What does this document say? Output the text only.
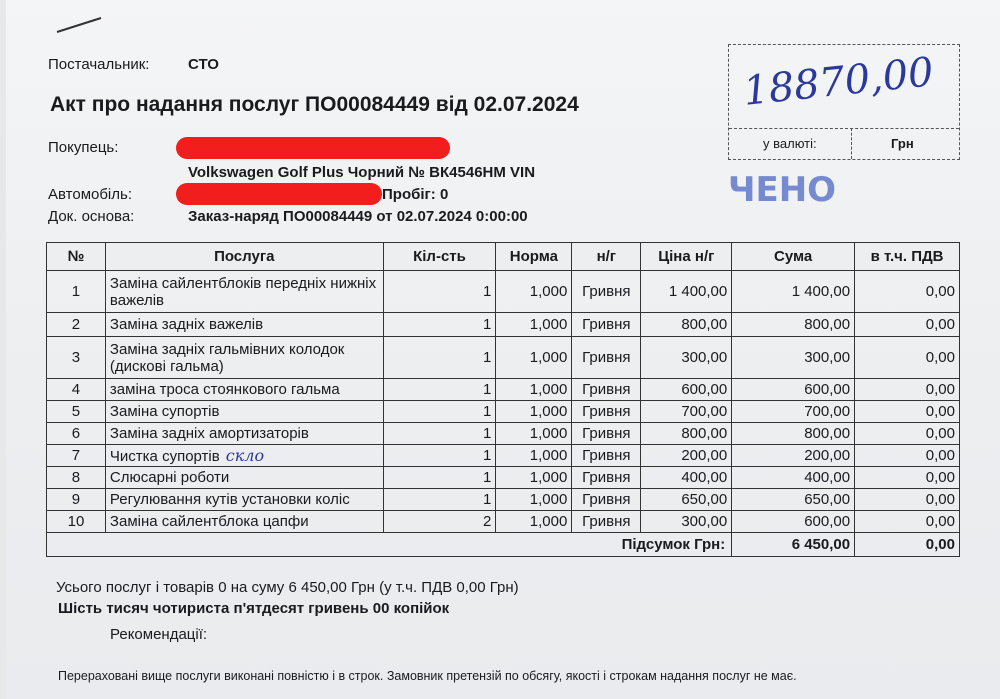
Постачальник:	СТО
Акт про надання послуг ПО00084449 від 02.07.2024
Покупець:
Volkswagen Golf Plus Чорний № ВК4546НМ VIN
Автомобіль:	Пробіг: 0
Док. основа:	Заказ-наряд ПО00084449 от 02.07.2024 0:00:00
18870,00
у валюті:	Грн
ЧЕНО
№	Послуга	Кіл-сть	Норма	н/г	Ціна н/г	Сума	в т.ч. ПДВ
1	Заміна сайлентблоків передніх нижніх важелів	1	1,000	Гривня	1 400,00	1 400,00	0,00
2	Заміна задніх важелів	1	1,000	Гривня	800,00	800,00	0,00
3	Заміна задніх гальмівних колодок (дискові гальма)	1	1,000	Гривня	300,00	300,00	0,00
4	заміна троса стоянкового гальма	1	1,000	Гривня	600,00	600,00	0,00
5	Заміна супортів	1	1,000	Гривня	700,00	700,00	0,00
6	Заміна задніх амортизаторів	1	1,000	Гривня	800,00	800,00	0,00
7	Чистка супортів скло	1	1,000	Гривня	200,00	200,00	0,00
8	Слюсарні роботи	1	1,000	Гривня	400,00	400,00	0,00
9	Регулювання кутів установки коліс	1	1,000	Гривня	650,00	650,00	0,00
10	Заміна сайлентблока цапфи	2	1,000	Гривня	300,00	600,00	0,00
Підсумок Грн:						6 450,00	0,00
Усього послуг і товарів 0 на суму 6 450,00 Грн (у т.ч. ПДВ 0,00 Грн)
Шість тисяч чотириста п'ятдесят гривень 00 копійок
Рекомендації:
Перераховані вище послуги виконані повністю і в строк. Замовник претензій по обсягу, якості і строкам надання послуг не має.
